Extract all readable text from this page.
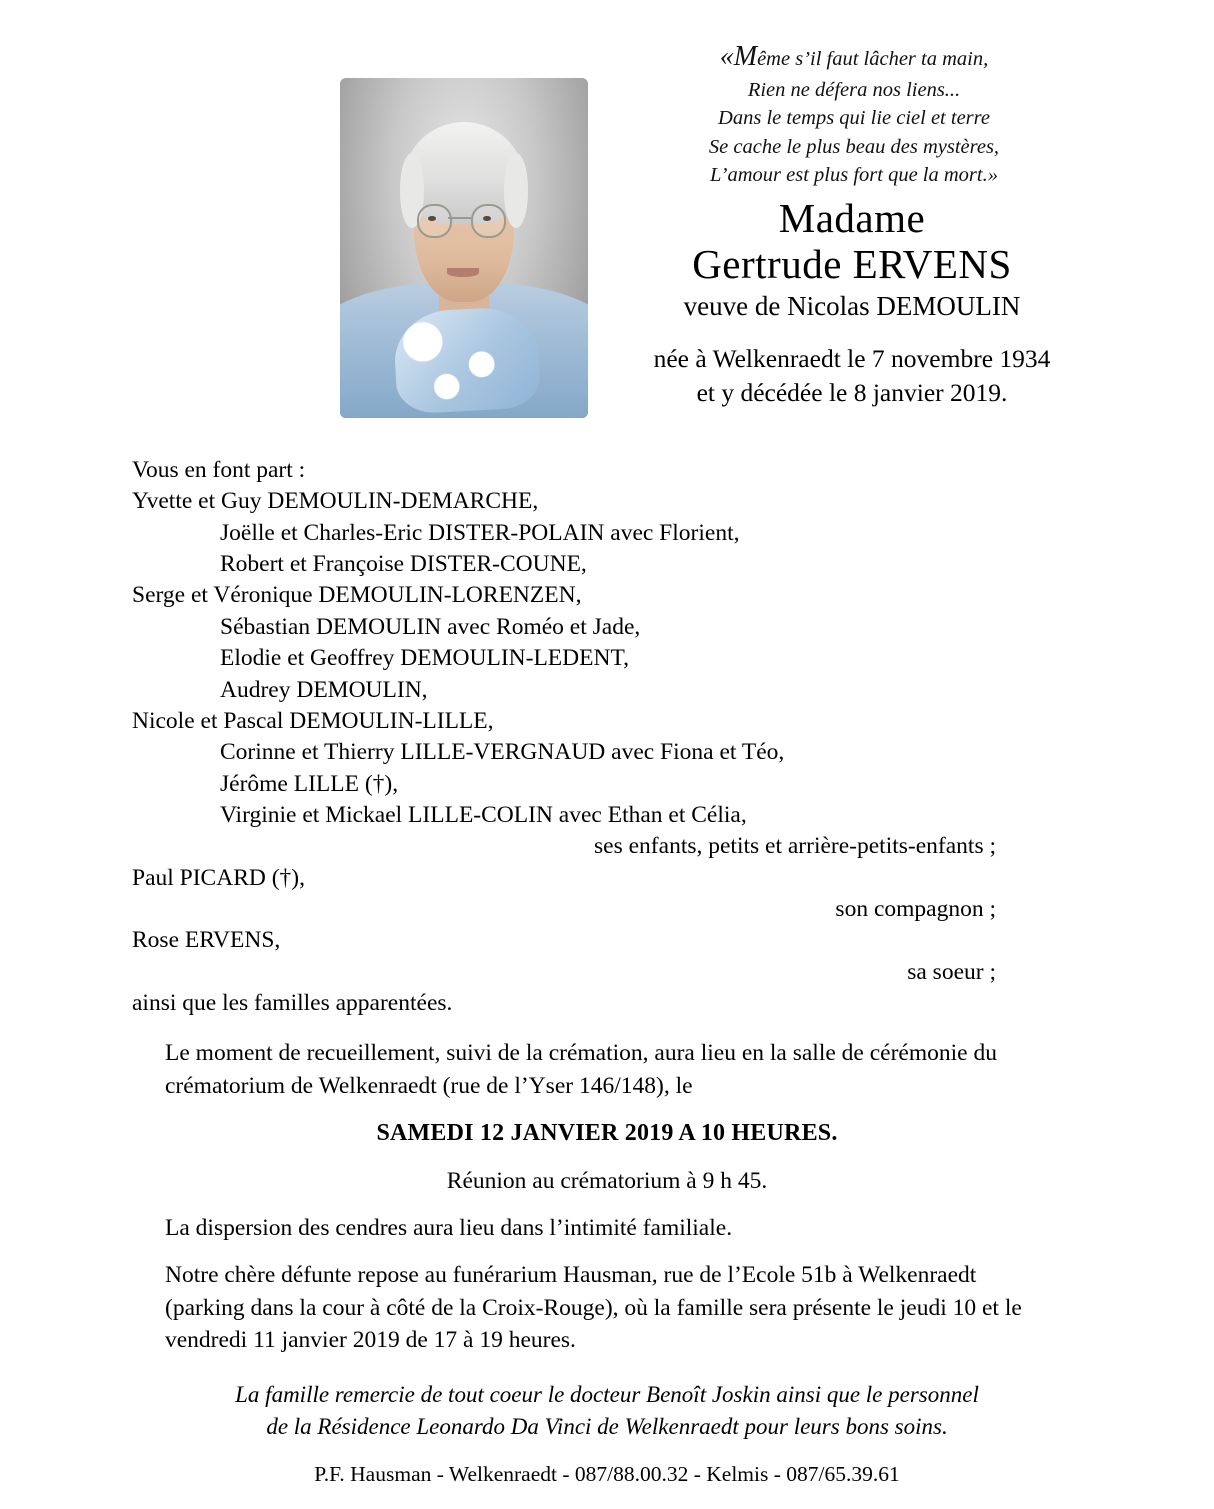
«Même s’il faut lâcher ta main,
Rien ne défera nos liens...
Dans le temps qui lie ciel et terre
Se cache le plus beau des mystères,
L’amour est plus fort que la mort.»
Madame
Gertrude ERVENS
veuve de Nicolas DEMOULIN
née à Welkenraedt le 7 novembre 1934
et y décédée le 8 janvier 2019.
Vous en font part :
Yvette et Guy DEMOULIN-DEMARCHE,
Joëlle et Charles-Eric DISTER-POLAIN avec Florient,
Robert et Françoise DISTER-COUNE,
Serge et Véronique DEMOULIN-LORENZEN,
Sébastian DEMOULIN avec Roméo et Jade,
Elodie et Geoffrey DEMOULIN-LEDENT,
Audrey DEMOULIN,
Nicole et Pascal DEMOULIN-LILLE,
Corinne et Thierry LILLE-VERGNAUD avec Fiona et Téo,
Jérôme LILLE (†),
Virginie et Mickael LILLE-COLIN avec Ethan et Célia,
ses enfants, petits et arrière-petits-enfants ;
Paul PICARD (†),
son compagnon ;
Rose ERVENS,
sa soeur ;
ainsi que les familles apparentées.

Le moment de recueillement, suivi de la crémation, aura lieu en la salle de cérémonie du crématorium de Welkenraedt (rue de l’Yser 146/148), le

SAMEDI 12 JANVIER 2019 A 10 HEURES.

Réunion au crématorium à 9 h 45.

La dispersion des cendres aura lieu dans l’intimité familiale.

Notre chère défunte repose au funérarium Hausman, rue de l’Ecole 51b à Welkenraedt (parking dans la cour à côté de la Croix-Rouge), où la famille sera présente le jeudi 10 et le vendredi 11 janvier 2019 de 17 à 19 heures.

La famille remercie de tout coeur le docteur Benoît Joskin ainsi que le personnel
de la Résidence Leonardo Da Vinci de Welkenraedt pour leurs bons soins.
P.F. Hausman - Welkenraedt - 087/88.00.32 - Kelmis - 087/65.39.61
